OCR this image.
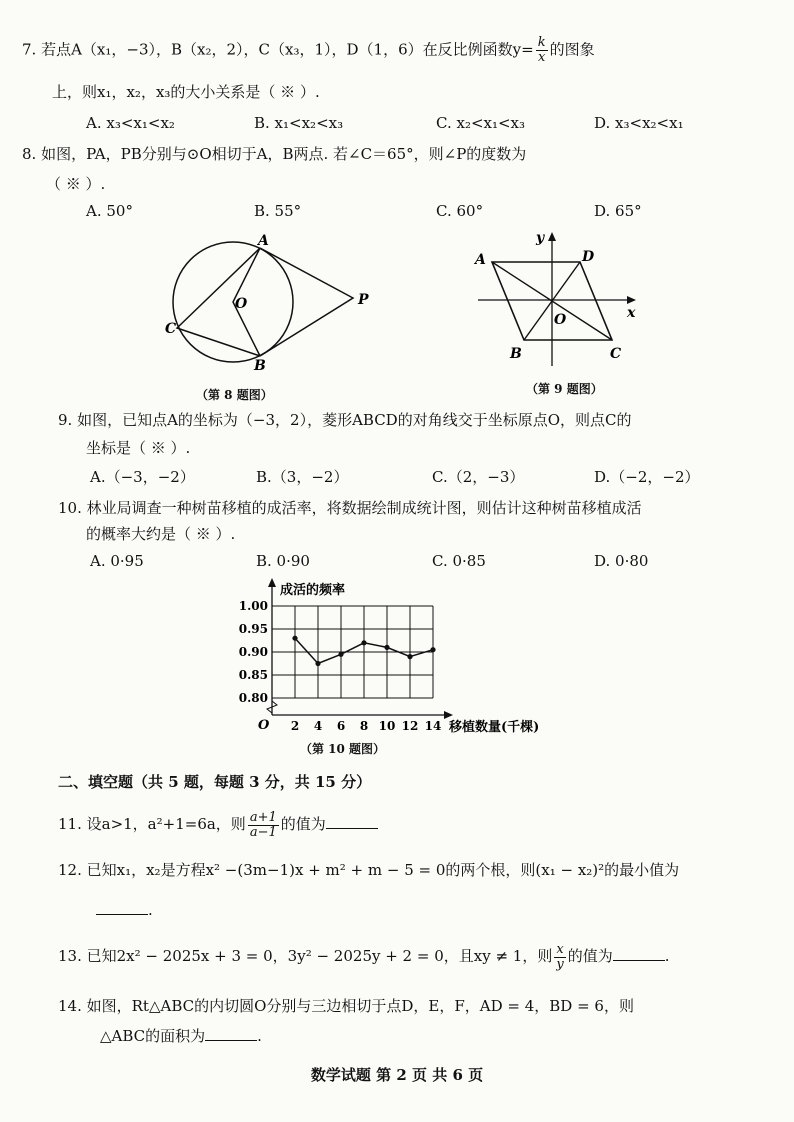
7. 若点A（x₁，−3），B（x₂，2），C（x₃，1），D（1，6）在反比例函数$y= \frac{k}{x}$ 的图象
上，则x₁，x₂，x₃的大小关系是（ ※ ）.
A. x₃<x₁<x₂	B. x₁<x₂<x₃	C. x₂<x₁<x₃	D. x₃<x₂<x₁
8. 如图，PA，PB分别与⊙O相切于A，B两点. 若∠C＝65°，则∠P的度数为
（ ※ ）.
A. 50°	B. 55°	C. 60°	D. 65°
A
B
C
O	P
（第 8 题图）
A
B	C
D
O	x
y
（第 9 题图）
9. 如图，已知点A的坐标为（−3，2），菱形ABCD的对角线交于坐标原点O，则点C的
坐标是（ ※ ）.
A.（−3，−2）	B.（3，−2）	C.（2，−3）	D.（−2，−2）
10. 林业局调查一种树苗移植的成活率，将数据绘制成统计图，则估计这种树苗移植成活
的概率大约是（ ※ ）.
A. 0·95	B. 0·90	C. 0·85	D. 0·80
1.00
0.95
0.90
0.85
0.80
2 4 6 8 10 12 14
O
成活的频率
移植数量(千棵)
（第 10 题图）
二、填空题（共 5 题，每题 3 分，共 15 分）
11. 设a>1，a²+1=6a，则 $\frac{a+1}{a-1}$ 的值为
12. 已知x₁，x₂是方程x² −(3m−1)x + m² + m − 5 = 0的两个根，则(x₁ − x₂)²的最小值为
.
13. 已知2x² − 2025x + 3 = 0，3y² − 2025y + 2 = 0，且xy ≠ 1，则 $\frac{x}{y}$ 的值为	.
14. 如图，Rt△ABC的内切圆O分别与三边相切于点D，E，F，AD = 4，BD = 6，则
△ABC的面积为	.
数学试题 第 2 页 共 6 页
